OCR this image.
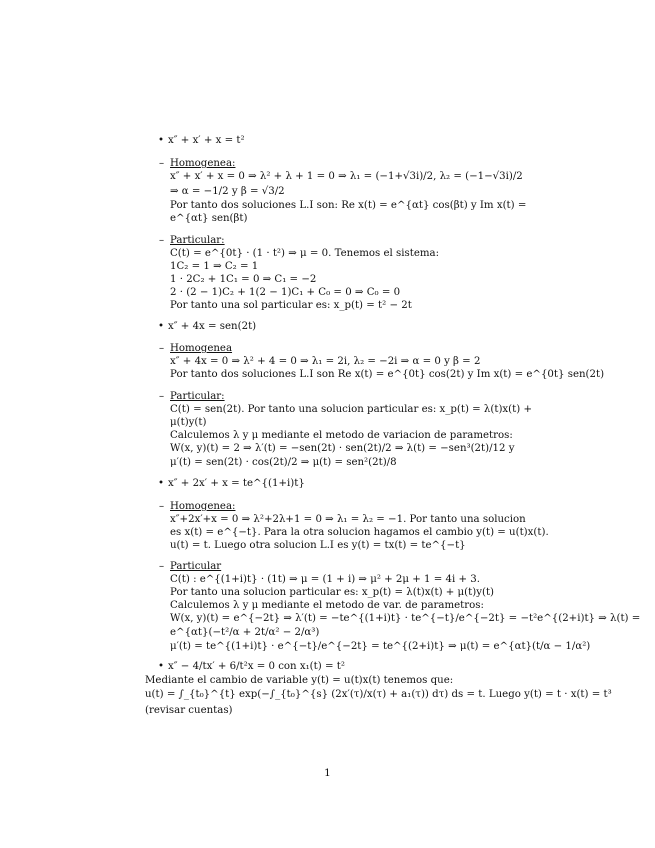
• x″ + x′ + x = t²
– Homogenea:
x″ + x′ + x = 0 ⇒ λ² + λ + 1 = 0 ⇒ λ₁ = (−1+√3i)/2, λ₂ = (−1−√3i)/2
⇒ α = −1/2 y β = √3/2
Por tanto dos soluciones L.I son: Re x(t) = e^{αt} cos(βt) y Im x(t) =
e^{αt} sen(βt)
– Particular:
C(t) = e^{0t} · (1 · t²) ⇒ μ = 0. Tenemos el sistema:
1C₂ = 1 ⇒ C₂ = 1
1 · 2C₂ + 1C₁ = 0 ⇒ C₁ = −2
2 · (2 − 1)C₂ + 1(2 − 1)C₁ + C₀ = 0 ⇒ C₀ = 0
Por tanto una sol particular es: x_p(t) = t² − 2t
• x″ + 4x = sen(2t)
– Homogenea
x″ + 4x = 0 ⇒ λ² + 4 = 0 ⇒ λ₁ = 2i, λ₂ = −2i ⇒ α = 0 y β = 2
Por tanto dos soluciones L.I son Re x(t) = e^{0t} cos(2t) y Im x(t) = e^{0t} sen(2t)
– Particular:
C(t) = sen(2t). Por tanto una solucion particular es: x_p(t) = λ(t)x(t) +
μ(t)y(t)
Calculemos λ y μ mediante el metodo de variacion de parametros:
W(x, y)(t) = 2 ⇒ λ′(t) = −sen(2t) · sen(2t)/2 ⇒ λ(t) = −sen³(2t)/12 y
μ′(t) = sen(2t) · cos(2t)/2 ⇒ μ(t) = sen²(2t)/8
• x″ + 2x′ + x = te^{(1+i)t}
– Homogenea:
x″+2x′+x = 0 ⇒ λ²+2λ+1 = 0 ⇒ λ₁ = λ₂ = −1. Por tanto una solucion
es x(t) = e^{−t}. Para la otra solucion hagamos el cambio y(t) = u(t)x(t).
u(t) = t. Luego otra solucion L.I es y(t) = tx(t) = te^{−t}
– Particular
C(t) : e^{(1+i)t} · (1t) ⇒ μ = (1 + i) ⇒ μ² + 2μ + 1 = 4i + 3.
Por tanto una solucion particular es: x_p(t) = λ(t)x(t) + μ(t)y(t)
Calculemos λ y μ mediante el metodo de var. de parametros:
W(x, y)(t) = e^{−2t} ⇒ λ′(t) = −te^{(1+i)t} · te^{−t}/e^{−2t} = −t²e^{(2+i)t} ⇒ λ(t) =
e^{αt}(−t²/α + 2t/α² − 2/α³)
μ′(t) = te^{(1+i)t} · e^{−t}/e^{−2t} = te^{(2+i)t} ⇒ μ(t) = e^{αt}(t/α − 1/α²)
• x″ − 4/tx′ + 6/t²x = 0 con x₁(t) = t²
Mediante el cambio de variable y(t) = u(t)x(t) tenemos que:
u(t) = ∫_{t₀}^{t} exp(−∫_{t₀}^{s} (2x′(τ)/x(τ) + a₁(τ)) dτ) ds = t. Luego y(t) = t · x(t) = t³
(revisar cuentas)
1
